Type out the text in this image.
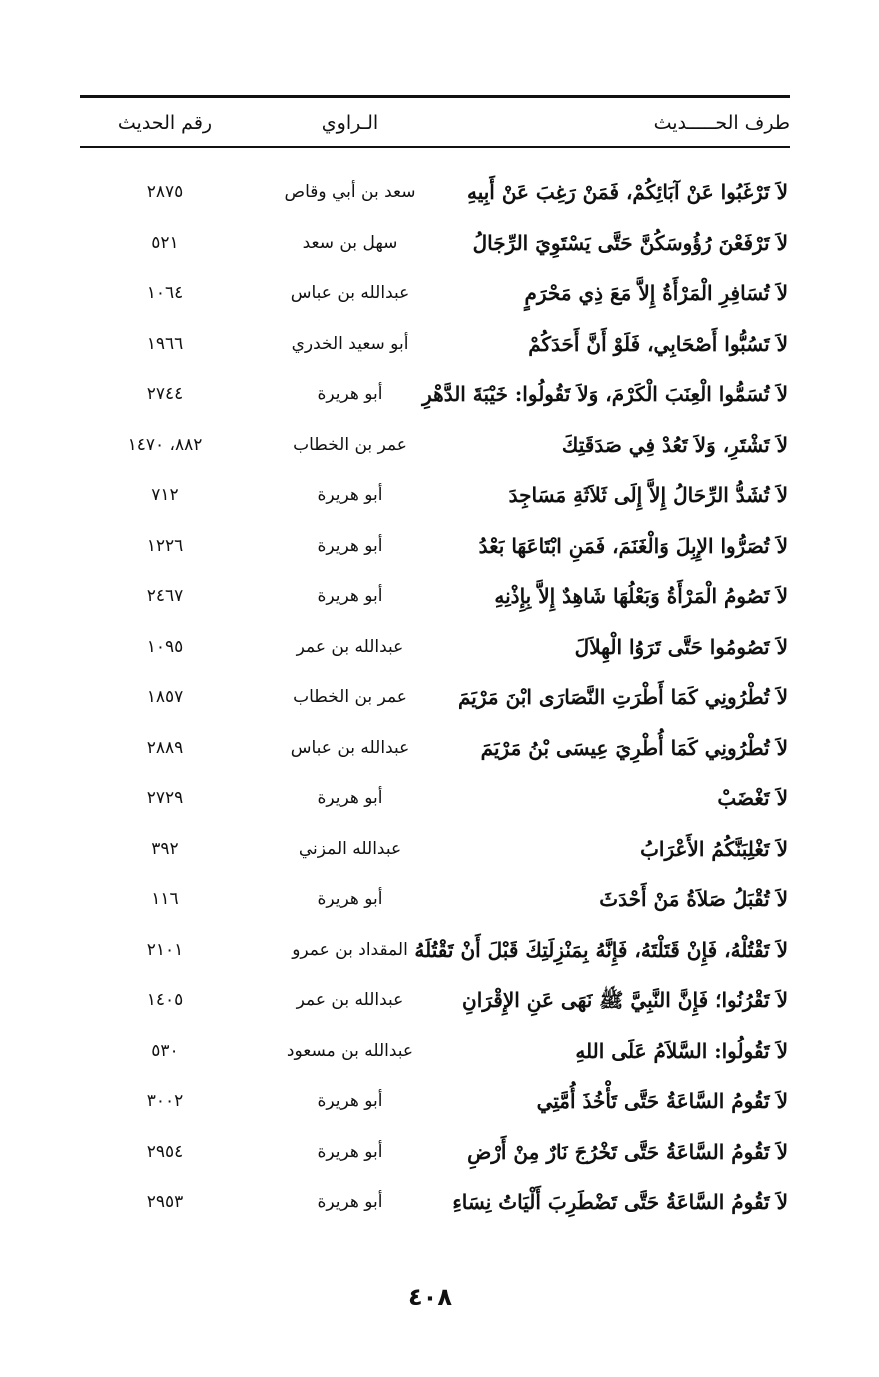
طرف الحـــــديث
الـراوي
رقم الحديث
لاَ تَرْغَبُوا عَنْ آبَائِكُمْ، فَمَنْ رَغِبَ عَنْ أَبِيهِ
سعد بن أبي وقاص
٢٨٧٥
لاَ تَرْفَعْنَ رُؤُوسَكُنَّ حَتَّى يَسْتَوِيَ الرِّجَالُ
سهل بن سعد
٥٢١
لاَ تُسَافِرِ الْمَرْأَةُ إِلاَّ مَعَ ذِي مَحْرَمٍ
عبدالله بن عباس
١٠٦٤
لاَ تَسُبُّوا أَصْحَابِي، فَلَوْ أَنَّ أَحَدَكُمْ
أبو سعيد الخدري
١٩٦٦
لاَ تُسَمُّوا الْعِنَبَ الْكَرْمَ، وَلاَ تَقُولُوا: خَيْبَةَ الدَّهْرِ
أبو هريرة
٢٧٤٤
لاَ تَشْتَرِ، وَلاَ تَعُدْ فِي صَدَقَتِكَ
عمر بن الخطاب
٨٨٢، ١٤٧٠
لاَ تُشَدُّ الرِّحَالُ إِلاَّ إِلَى ثَلاَثَةِ مَسَاجِدَ
أبو هريرة
٧١٢
لاَ تُصَرُّوا الإِبِلَ وَالْغَنَمَ، فَمَنِ ابْتَاعَهَا بَعْدُ
أبو هريرة
١٢٢٦
لاَ تَصُومُ الْمَرْأَةُ وَبَعْلُهَا شَاهِدٌ إِلاَّ بِإِذْنِهِ
أبو هريرة
٢٤٦٧
لاَ تَصُومُوا حَتَّى تَرَوُا الْهِلاَلَ
عبدالله بن عمر
١٠٩٥
لاَ تُطْرُونِي كَمَا أَطْرَتِ النَّصَارَى ابْنَ مَرْيَمَ
عمر بن الخطاب
١٨٥٧
لاَ تُطْرُونِي كَمَا أُطْرِيَ عِيسَى بْنُ مَرْيَمَ
عبدالله بن عباس
٢٨٨٩
لاَ تَغْضَبْ
أبو هريرة
٢٧٢٩
لاَ تَغْلِبَنَّكُمُ الأَعْرَابُ
عبدالله المزني
٣٩٢
لاَ تُقْبَلُ صَلاَةُ مَنْ أَحْدَثَ
أبو هريرة
١١٦
لاَ تَقْتُلْهُ، فَإِنْ قَتَلْتَهُ، فَإِنَّهُ بِمَنْزِلَتِكَ قَبْلَ أَنْ تَقْتُلَهُ
المقداد بن عمرو
٢١٠١
لاَ تَقْرُنُوا؛ فَإِنَّ النَّبِيَّ ﷺ نَهَى عَنِ الإِقْرَانِ
عبدالله بن عمر
١٤٠٥
لاَ تَقُولُوا: السَّلاَمُ عَلَى اللهِ
عبدالله بن مسعود
٥٣٠
لاَ تَقُومُ السَّاعَةُ حَتَّى تَأْخُذَ أُمَّتِي
أبو هريرة
٣٠٠٢
لاَ تَقُومُ السَّاعَةُ حَتَّى تَخْرُجَ نَارٌ مِنْ أَرْضِ
أبو هريرة
٢٩٥٤
لاَ تَقُومُ السَّاعَةُ حَتَّى تَضْطَرِبَ أَلْيَاتُ نِسَاءِ
أبو هريرة
٢٩٥٣
٤٠٨
